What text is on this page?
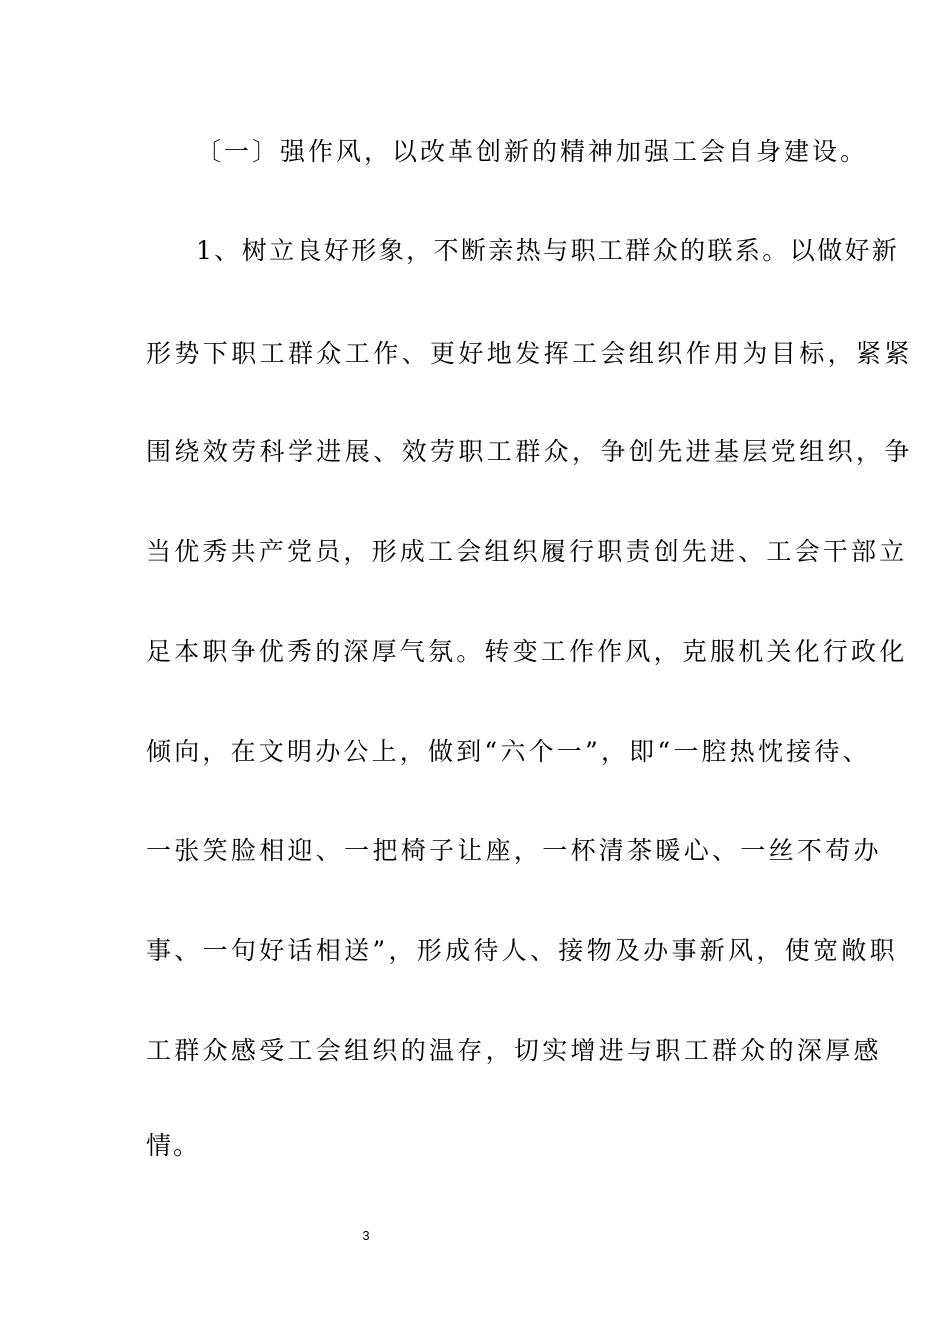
〔一〕强作风，以改革创新的精神加强工会自身建设。
1、树立良好形象，不断亲热与职工群众的联系。以做好新
形势下职工群众工作、更好地发挥工会组织作用为目标，紧紧
围绕效劳科学进展、效劳职工群众，争创先进基层党组织，争
当优秀共产党员，形成工会组织履行职责创先进、工会干部立
足本职争优秀的深厚气氛。转变工作作风，克服机关化行政化
倾向，在文明办公上，做到“六个一”，即“一腔热忱接待、
一张笑脸相迎、一把椅子让座，一杯清茶暖心、一丝不苟办
事、一句好话相送”，形成待人、接物及办事新风，使宽敞职
工群众感受工会组织的温存，切实增进与职工群众的深厚感
情。
3
